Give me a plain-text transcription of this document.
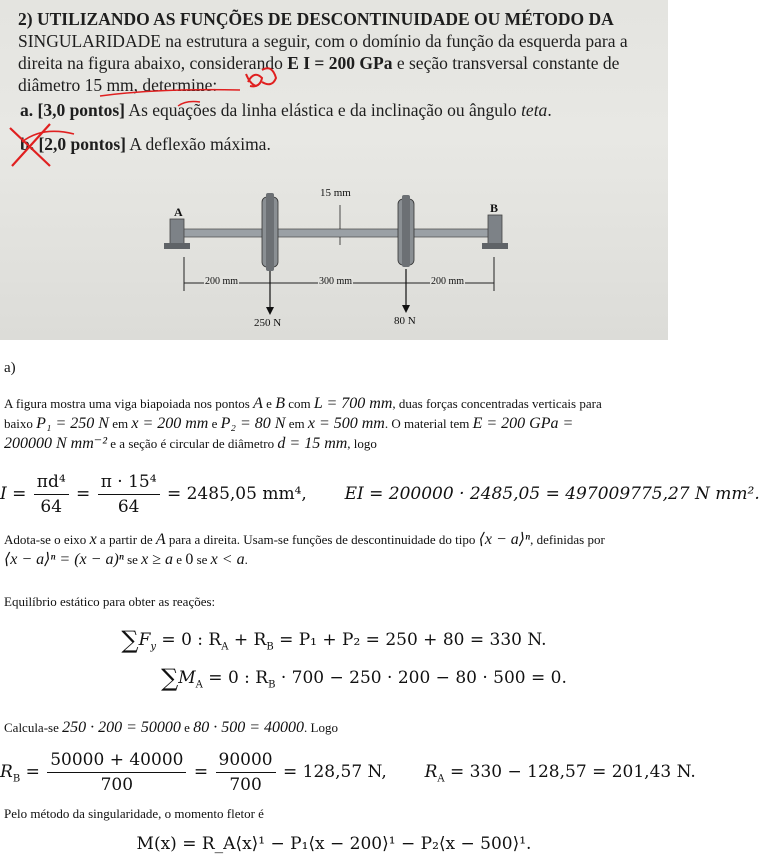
2) UTILIZANDO AS FUNÇÕES DE DESCONTINUIDADE OU MÉTODO DA

SINGULARIDADE na estrutura a seguir, com o domínio da função da esquerda para a

direita na figura abaixo, considerando E I = 200 GPa e seção transversal constante de

diâmetro 15 mm, determine:

a. [3,0 pontos] As equações da linha elástica e da inclinação ou ângulo teta.
b. [2,0 pontos] A deflexão máxima.
15 mm
A	B
200 mm	300 mm	200 mm
250 N	80 N
a)
A figura mostra uma viga biapoiada nos pontos A e B com L = 700 mm, duas forças concentradas verticais para
baixo P₁ = 250 N em x = 200 mm e P₂ = 80 N em x = 500 mm. O material tem E = 200 GPa =
200000 N mm⁻² e a seção é circular de diâmetro d = 15 mm, logo
$I = \frac{\text{πd⁴}}{64} = \frac{\text{π · 15⁴}}{64} = 2485,05$ mm⁴, EI = 200000 · 2485,05 = 497009775,27 N mm².
Adota-se o eixo x a partir de A para a direita. Usam-se funções de descontinuidade do tipo ⟨x − a⟩ⁿ, definidas por
⟨x − a⟩ⁿ = (x − a)ⁿ se x ≥ a e 0 se x < a.
Equilíbrio estático para obter as reações:
$\sum F_y = 0$ : $R_A + R_B = P_1 + P_2 = 250 + 80 = 330$ N.
$\sum M_A = 0$ : $R_B \cdot 700 - 250 \cdot 200 - 80 \cdot 500 = 0$.
Calcula-se 250 · 200 = 50000 e 80 · 500 = 40000. Logo
$R_B = \frac{50000 + 40000}{700} = \frac{90000}{700} = 128,57$ N, $R_A = 330 - 128,57 = 201,43$ N.
Pelo método da singularidade, o momento fletor é
M(x) = R_A⟨x⟩¹ − P₁⟨x − 200⟩¹ − P₂⟨x − 500⟩¹.
